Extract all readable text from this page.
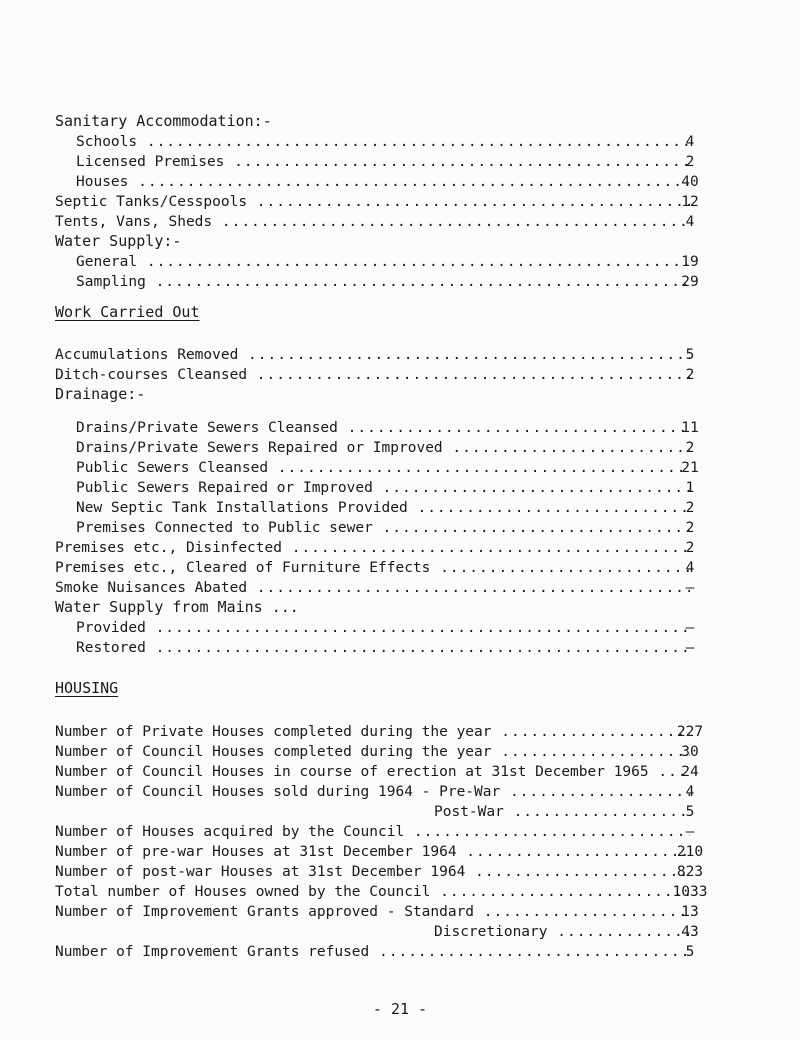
Sanitary Accommodation:-
Schools .....	4
Licensed Premises .....	2
Houses .....	40
Septic Tanks/Cesspools .....	12
Tents, Vans, Sheds .....	4
Water Supply:-
General .....	19
Sampling .....	29
Work Carried Out
Accumulations Removed .....	5
Ditch-courses Cleansed .....	2
Drainage:-
Drains/Private Sewers Cleansed .....	11
Drains/Private Sewers Repaired or Improved .....	2
Public Sewers Cleansed .....	21
Public Sewers Repaired or Improved .....	1
New Septic Tank Installations Provided .....	2
Premises Connected to Public sewer .....	2
Premises etc., Disinfected .....	2
Premises etc., Cleared of Furniture Effects .....	4
Smoke Nuisances Abated .....	–
Water Supply from Mains ...
Provided .....	–
Restored .....	–
HOUSING
Number of Private Houses completed during the year .....	227
Number of Council Houses completed during the year .....	30
Number of Council Houses in course of erection at 31st December 1965 .....	24
Number of Council Houses sold during 1964 - Pre-War .....	4
Post-War .....	5
Number of Houses acquired by the Council .....	–
Number of pre-war Houses at 31st December 1964 .....	210
Number of post-war Houses at 31st December 1964 .....	823
Total number of Houses owned by the Council .....	1033
Number of Improvement Grants approved - Standard .....	13
Discretionary .....	43
Number of Improvement Grants refused .....	5
- 21 -
